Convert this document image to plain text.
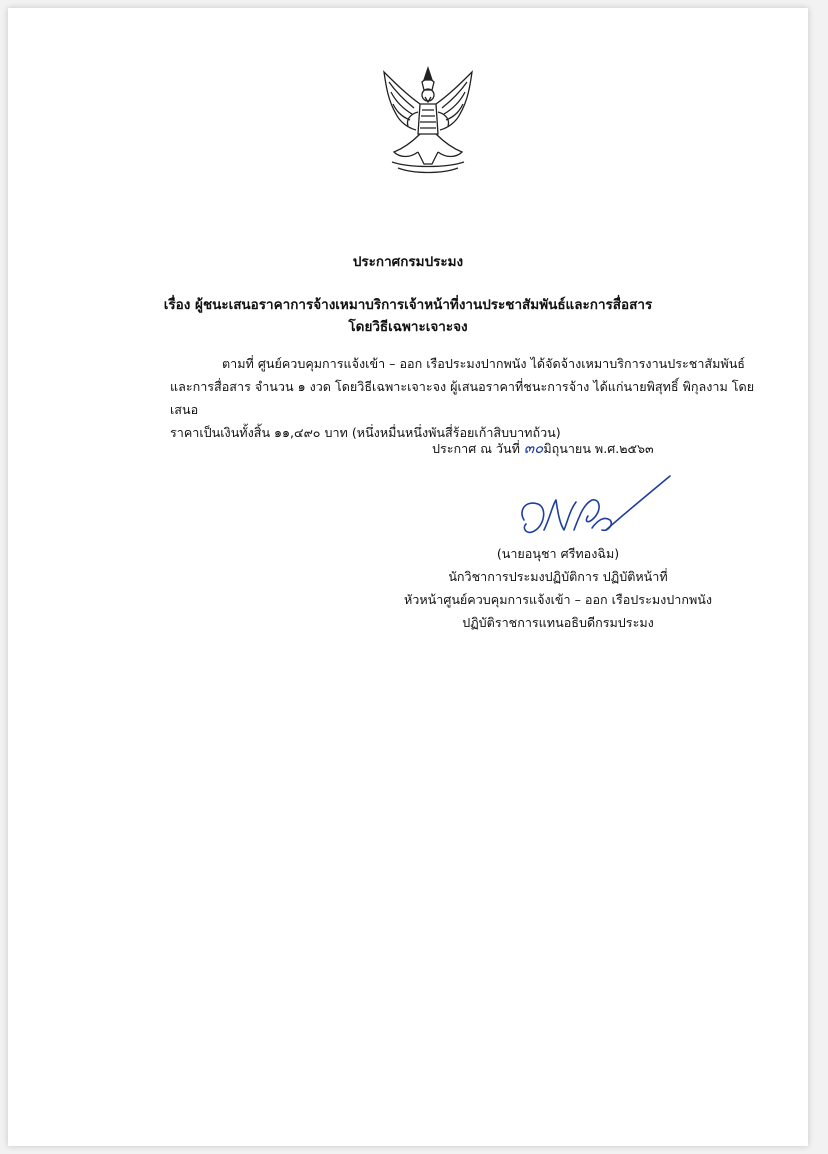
ประกาศกรมประมง
เรื่อง ผู้ชนะเสนอราคาการจ้างเหมาบริการเจ้าหน้าที่งานประชาสัมพันธ์และการสื่อสาร
โดยวิธีเฉพาะเจาะจง

ตามที่ ศูนย์ควบคุมการแจ้งเข้า – ออก เรือประมงปากพนัง ได้จัดจ้างเหมาบริการงานประชาสัมพันธ์

และการสื่อสาร จำนวน ๑ งวด โดยวิธีเฉพาะเจาะจง ผู้เสนอราคาที่ชนะการจ้าง ได้แก่นายพิสุทธิ์ พิกุลงาม โดยเสนอ

ราคาเป็นเงินทั้งสิ้น ๑๑,๔๙๐ บาท (หนึ่งหมื่นหนึ่งพันสี่ร้อยเก้าสิบบาทถ้วน)

ประกาศ ณ วันที่ ๓๐มิถุนายน พ.ศ.๒๕๖๓
(นายอนุชา ศรีทองฉิม)
นักวิชาการประมงปฏิบัติการ ปฏิบัติหน้าที่
หัวหน้าศูนย์ควบคุมการแจ้งเข้า – ออก เรือประมงปากพนัง
ปฏิบัติราชการแทนอธิบดีกรมประมง
